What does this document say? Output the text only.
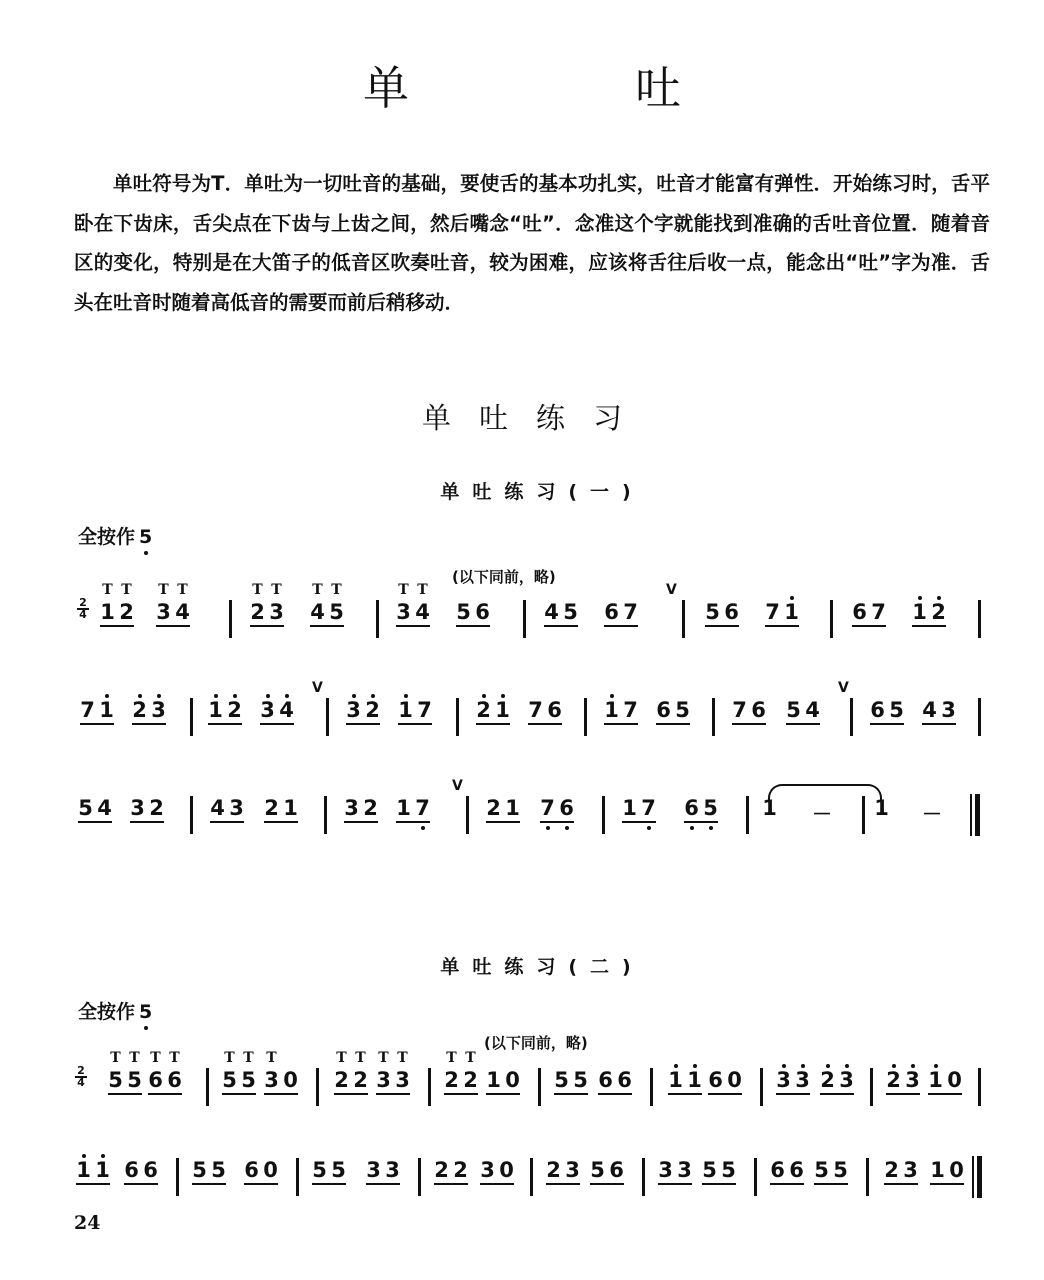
单　吐

单吐符号为T．单吐为一切吐音的基础，要使舌的基本功扎实，吐音才能富有弹性．开始练习时，舌平卧在下齿床，舌尖点在下齿与上齿之间，然后嘴念“吐”．念准这个字就能找到准确的舌吐音位置．随着音区的变化，特别是在大笛子的低音区吹奏吐音，较为困难，应该将舌往后收一点，能念出“吐”字为准．舌头在吐音时随着高低音的需要而前后稍移动．

单吐练习
单吐练习(一)
全按作 5
(以下同前，略)
2
4
T
1
T
2
T
3
T
4
T
2
T
3
T
4
T
5
T
3
T
4 5 6	4 5 6 7
V
5 6 7 1	6 7 1 2
7 1 2 3 1 2 3 4
V
3 2 1 7 2 1 7 6 1 7 6 5 7 6 5 4
V
6 5 4 3
5 4 3 2 4 3 2 1 3 2 1 7
V
2 1 7 6 1 7 6 5 1 － 1 －
单吐练习(二)
全按作 5
(以下同前，略)
2
4
T
5
T
5
T
6
T
6
T
5
T
5
T
3 0
T
2
T
2
T
3
T
3
T
2
T
2 1 0 5 5 6 6 1 1 6 0 3 3 2 3 2 3 1 0
1 1 6 6 5 5 6 0 5 5 3 3 2 2 3 0 2 3 5 6 3 3 5 5 6 6 5 5 2 3 1 0
24
